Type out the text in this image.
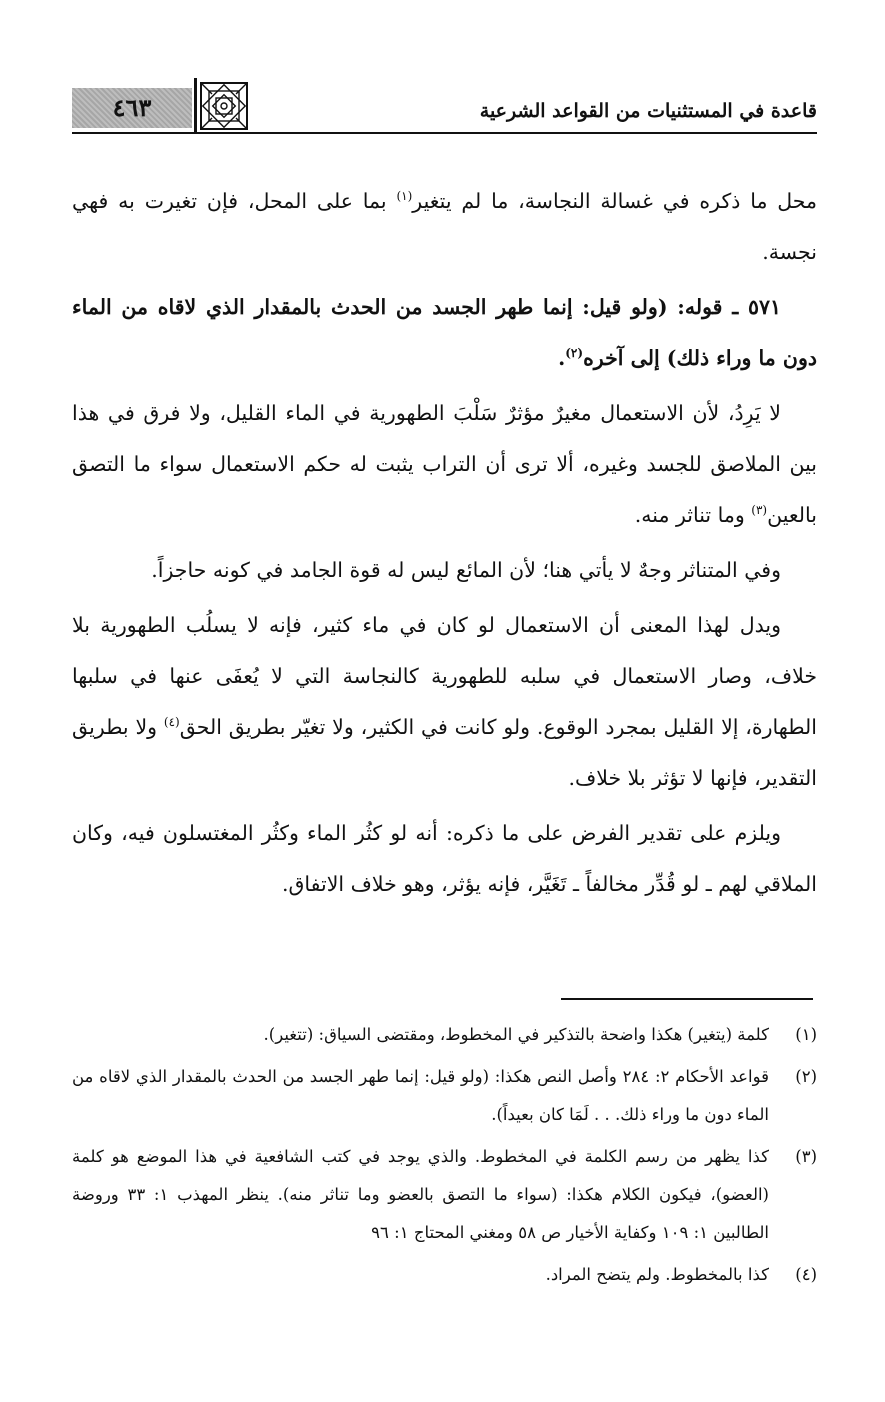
قاعدة في المستثنيات من القواعد الشرعية
٤٦٣

محل ما ذكره في غسالة النجاسة، ما لم يتغير$^{(١)}$ بما على المحل، فإن تغيرت به فهي نجسة.

٥٧١ ـ قوله: (ولو قيل: إنما طهر الجسد من الحدث بالمقدار الذي لاقاه من الماء دون ما وراء ذلك) إلى آخره$^{(٢)}$.

لا يَرِدُ، لأن الاستعمال مغيرٌ مؤثرٌ سَلْبَ الطهورية في الماء القليل، ولا فرق في هذا بين الملاصق للجسد وغيره، ألا ترى أن التراب يثبت له حكم الاستعمال سواء ما التصق بالعين$^{(٣)}$ وما تناثر منه.

وفي المتناثر وجهٌ لا يأتي هنا؛ لأن المائع ليس له قوة الجامد في كونه حاجزاً.

ويدل لهذا المعنى أن الاستعمال لو كان في ماء كثير، فإنه لا يسلُب الطهورية بلا خلاف، وصار الاستعمال في سلبه للطهورية كالنجاسة التي لا يُعفَى عنها في سلبها الطهارة، إلا القليل بمجرد الوقوع. ولو كانت في الكثير، ولا تغيّر بطريق الحق$^{(٤)}$ ولا بطريق التقدير، فإنها لا تؤثر بلا خلاف.

ويلزم على تقدير الفرض على ما ذكره: أنه لو كثُر الماء وكثُر المغتسلون فيه، وكان الملاقي لهم ـ لو قُدِّر مخالفاً ـ تَغَيَّر، فإنه يؤثر، وهو خلاف الاتفاق.

(١)
كلمة (يتغير) هكذا واضحة بالتذكير في المخطوط، ومقتضى السياق: (تتغير).
(٢)
قواعد الأحكام ٢: ٢٨٤ وأصل النص هكذا: (ولو قيل: إنما طهر الجسد من الحدث بالمقدار الذي لاقاه من الماء دون ما وراء ذلك. . . لَمَا كان بعيداً).
(٣)
كذا يظهر من رسم الكلمة في المخطوط. والذي يوجد في كتب الشافعية في هذا الموضع هو كلمة (العضو)، فيكون الكلام هكذا: (سواء ما التصق بالعضو وما تناثر منه). ينظر المهذب ١: ٣٣ وروضة الطالبين ١: ١٠٩ وكفاية الأخيار ص ٥٨ ومغني المحتاج ١: ٩٦
(٤)
كذا بالمخطوط. ولم يتضح المراد.
